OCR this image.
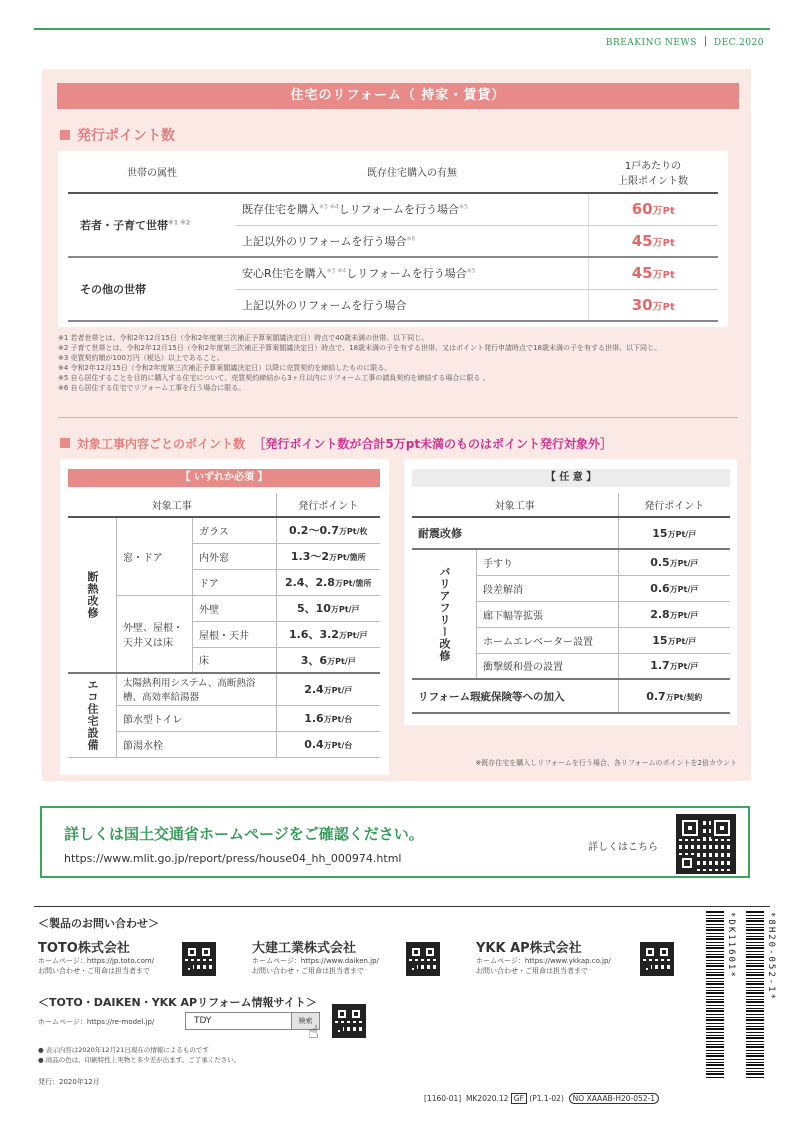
BREAKING NEWS DEC.2020
住宅のリフォーム（ 持家・賃貸）
発行ポイント数
世帯の属性	既存住宅購入の有無	1戸あたりの
上限ポイント数
若者・子育て世帯$^{※1 ※2}$	既存住宅を購入$^{※3 ※4}$しリフォームを行う場合$^{※5}$	60万Pt
	上記以外のリフォームを行う場合$^{※6}$	45万Pt
その他の世帯	安心R住宅を購入$^{※3 ※4}$しリフォームを行う場合$^{※5}$	45万Pt
	上記以外のリフォームを行う場合	30万Pt
※1 若者世帯とは、令和2年12月15日（令和2年度第三次補正予算案閣議決定日）時点で40歳未満の世帯。以下同じ。
※2 子育て世帯とは、令和2年12月15日（令和2年度第三次補正予算案閣議決定日）時点で、18歳未満の子を有する世帯、又はポイント発行申請時点で18歳未満の子を有する世帯。以下同じ。
※3 売買契約額が100万円（税込）以上であること。
※4 令和2年12月15日（令和2年度第三次補正予算案閣議決定日）以降に売買契約を締結したものに限る。
※5 自ら居住することを目的に購入する住宅について、売買契約締結から3ヶ月以内にリフォーム工事の請負契約を締結する場合に限る 。
※6 自ら居住する住宅でリフォーム工事を行う場合に限る。
対象工事内容ごとのポイント数 ［発行ポイント数が合計5万pt未満のものはポイント発行対象外］
【 いずれか必須 】
対象工事			発行ポイント
断熱改修	窓・ドア	ガラス	0.2～0.7万Pt/枚
		内外窓	1.3～2万Pt/箇所
		ドア	2.4、2.8万Pt/箇所
	外壁、屋根・天井又は床	外壁	5、10万Pt/戸
		屋根・天井	1.6、3.2万Pt/戸
		床	3、6万Pt/戸
エコ住宅設備	太陽熱利用システム、高断熱浴槽、高効率給湯器		2.4万Pt/戸
	節水型トイレ		1.6万Pt/台
	節湯水栓		0.4万Pt/台
【 任 意 】
対象工事		発行ポイント
耐震改修		15万Pt/戸
バリアフリー改修	手すり	0.5万Pt/戸
	段差解消	0.6万Pt/戸
	廊下幅等拡張	2.8万Pt/戸
	ホームエレベーター設置	15万Pt/戸
	衝撃緩和畳の設置	1.7万Pt/戸
リフォーム瑕疵保険等への加入		0.7万Pt/契約
※既存住宅を購入しリフォームを行う場合、各リフォームのポイントを2倍カウント
詳しくは国土交通省ホームページをご確認ください。
https://www.mlit.go.jp/report/press/house04_hh_000974.html
詳しくはこちら
＜製品のお問い合わせ＞
TOTO株式会社
ホームページ：https://jp.toto.com/
お問い合わせ・ご用命は担当者まで
大建工業株式会社
ホームページ：https://www.daiken.jp/
お問い合わせ・ご用命は担当者まで
YKK AP株式会社
ホームページ：https://www.ykkap.co.jp/
お問い合わせ・ご用命は担当者まで
＜TOTO・DAIKEN・YKK APリフォーム情報サイト＞
ホームページ：https://re-model.jp/	TDY	検索
☝
● 表示内容は2020年12月21日現在の情報によるものです
● 商品の色は、印刷特性上実物と多少差が出ます。ご了承ください。
発行：2020年12月
[1160-01] MK2020.12 GF (P1.1-02) NO XAAAB-H20-052-1
*DK11601*	*8H20-052-1*
